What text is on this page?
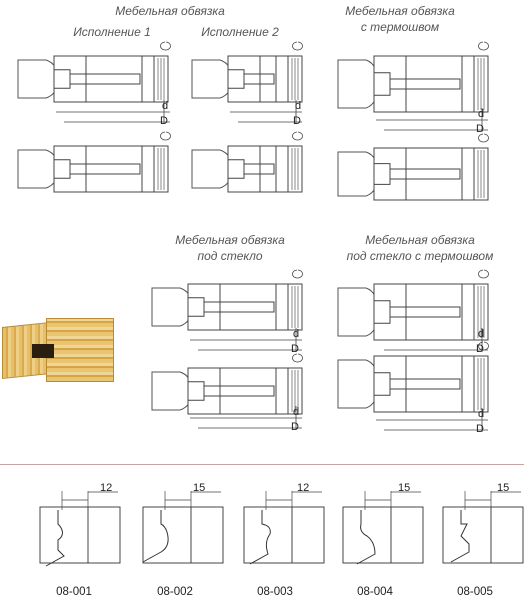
Мебельная обвязка
Исполнение 1	Исполнение 2
Мебельная обвязка
с термошвом
Мебельная обвязка
под стекло
Мебельная обвязка
под стекло с термошвом
d
D
d
D
d
D
d
D
d
D
d
D
d
D
12	15	12	15	15
08-001	08-002	08-003	08-004	08-005
